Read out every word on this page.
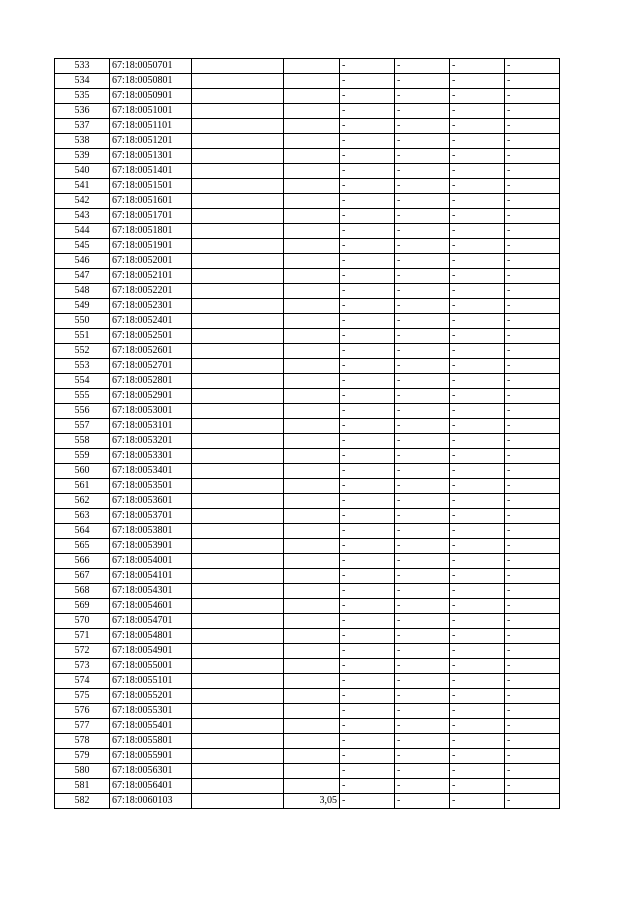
533	67:18:0050701			-	-	-	-
534	67:18:0050801			-	-	-	-
535	67:18:0050901			-	-	-	-
536	67:18:0051001			-	-	-	-
537	67:18:0051101			-	-	-	-
538	67:18:0051201			-	-	-	-
539	67:18:0051301			-	-	-	-
540	67:18:0051401			-	-	-	-
541	67:18:0051501			-	-	-	-
542	67:18:0051601			-	-	-	-
543	67:18:0051701			-	-	-	-
544	67:18:0051801			-	-	-	-
545	67:18:0051901			-	-	-	-
546	67:18:0052001			-	-	-	-
547	67:18:0052101			-	-	-	-
548	67:18:0052201			-	-	-	-
549	67:18:0052301			-	-	-	-
550	67:18:0052401			-	-	-	-
551	67:18:0052501			-	-	-	-
552	67:18:0052601			-	-	-	-
553	67:18:0052701			-	-	-	-
554	67:18:0052801			-	-	-	-
555	67:18:0052901			-	-	-	-
556	67:18:0053001			-	-	-	-
557	67:18:0053101			-	-	-	-
558	67:18:0053201			-	-	-	-
559	67:18:0053301			-	-	-	-
560	67:18:0053401			-	-	-	-
561	67:18:0053501			-	-	-	-
562	67:18:0053601			-	-	-	-
563	67:18:0053701			-	-	-	-
564	67:18:0053801			-	-	-	-
565	67:18:0053901			-	-	-	-
566	67:18:0054001			-	-	-	-
567	67:18:0054101			-	-	-	-
568	67:18:0054301			-	-	-	-
569	67:18:0054601			-	-	-	-
570	67:18:0054701			-	-	-	-
571	67:18:0054801			-	-	-	-
572	67:18:0054901			-	-	-	-
573	67:18:0055001			-	-	-	-
574	67:18:0055101			-	-	-	-
575	67:18:0055201			-	-	-	-
576	67:18:0055301			-	-	-	-
577	67:18:0055401			-	-	-	-
578	67:18:0055801			-	-	-	-
579	67:18:0055901			-	-	-	-
580	67:18:0056301			-	-	-	-
581	67:18:0056401			-	-	-	-
582	67:18:0060103		3,05	-	-	-	-
